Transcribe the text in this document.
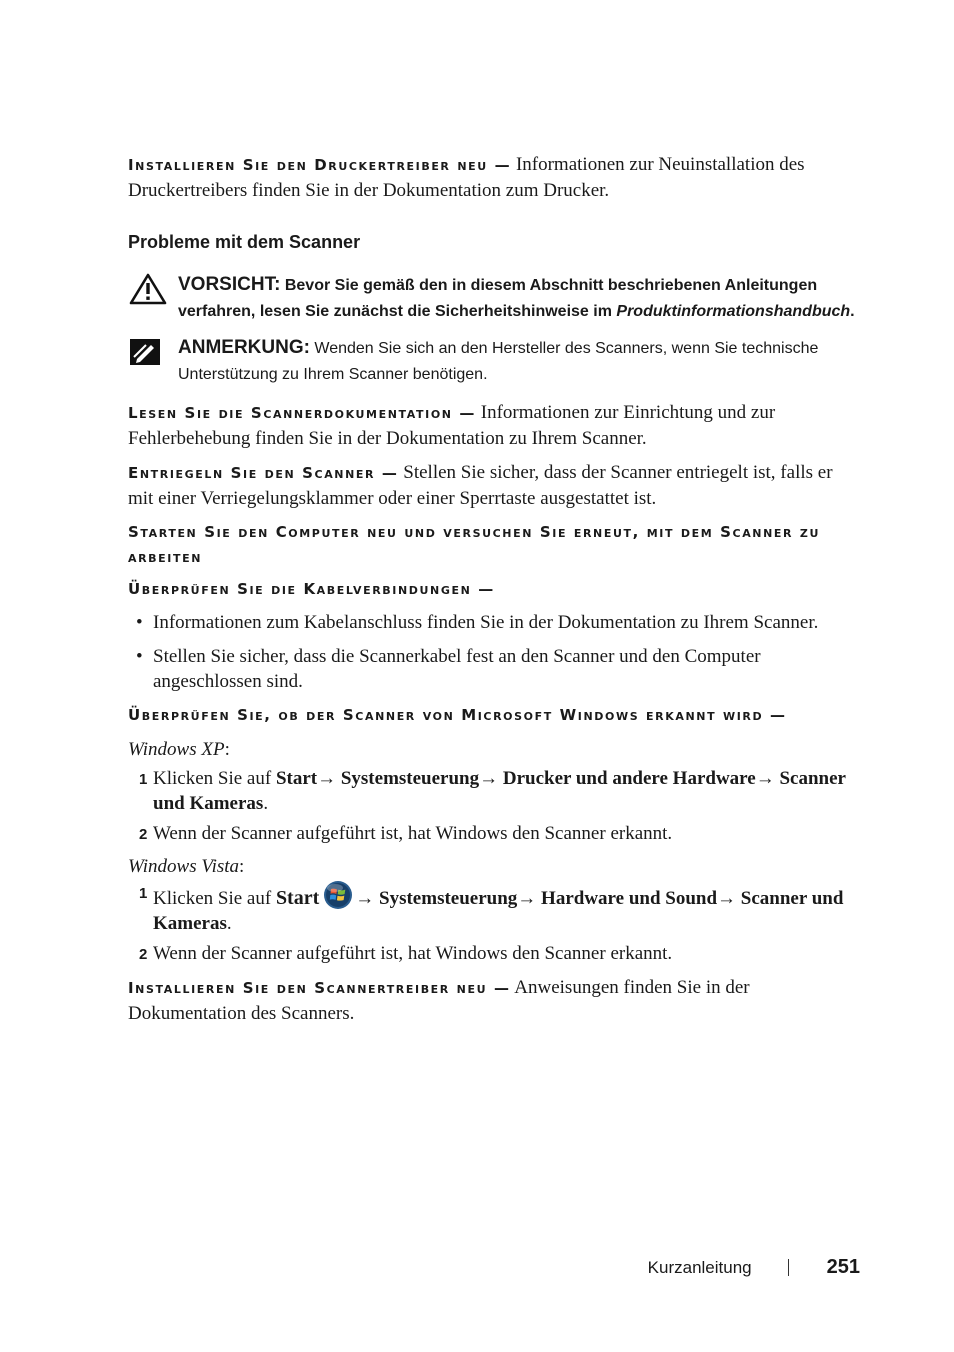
Installieren Sie den Druckertreiber neu — Informationen zur Neuinstallation des Druckertreibers finden Sie in der Dokumentation zum Drucker.

Probleme mit dem Scanner
VORSICHT: Bevor Sie gemäß den in diesem Abschnitt beschriebenen Anleitungen verfahren, lesen Sie zunächst die Sicherheitshinweise im Produktinformationshandbuch.
ANMERKUNG: Wenden Sie sich an den Hersteller des Scanners, wenn Sie technische Unterstützung zu Ihrem Scanner benötigen.

Lesen Sie die Scannerdokumentation — Informationen zur Einrichtung und zur Fehlerbehebung finden Sie in der Dokumentation zu Ihrem Scanner.

Entriegeln Sie den Scanner — Stellen Sie sicher, dass der Scanner entriegelt ist, falls er mit einer Verriegelungsklammer oder einer Sperrtaste ausgestattet ist.

Starten Sie den Computer neu und versuchen Sie erneut, mit dem Scanner zu arbeiten

Überprüfen Sie die Kabelverbindungen —

• Informationen zum Kabelanschluss finden Sie in der Dokumentation zu Ihrem Scanner.
• Stellen Sie sicher, dass die Scannerkabel fest an den Scanner und den Computer angeschlossen sind.

Überprüfen Sie, ob der Scanner von Microsoft Windows erkannt wird —

Windows XP:

1 Klicken Sie auf Start→ Systemsteuerung→ Drucker und andere Hardware→ Scanner und Kameras.
2 Wenn der Scanner aufgeführt ist, hat Windows den Scanner erkannt.

Windows Vista:

1 Klicken Sie auf Start → Systemsteuerung→ Hardware und Sound→ Scanner und Kameras.
2 Wenn der Scanner aufgeführt ist, hat Windows den Scanner erkannt.

Installieren Sie den Scannertreiber neu — Anweisungen finden Sie in der Dokumentation des Scanners.

Kurzanleitung	251
